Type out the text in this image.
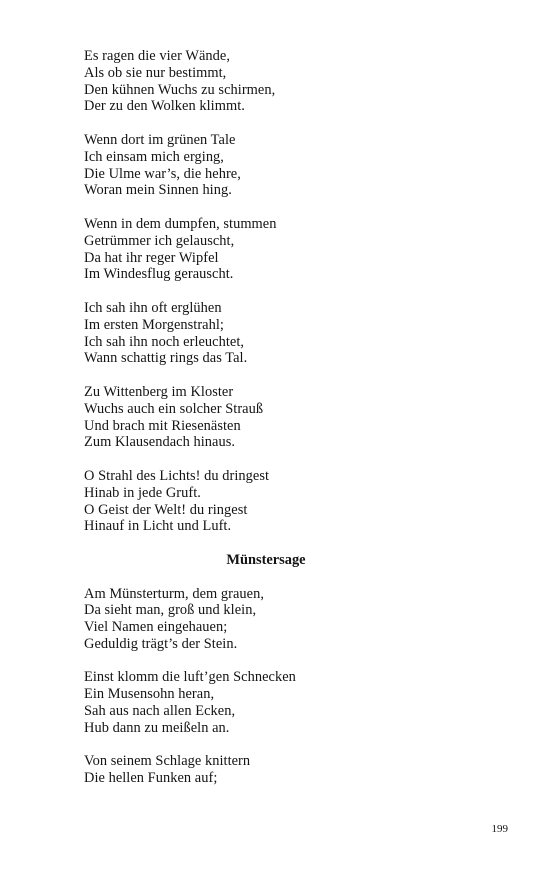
Es ragen die vier Wände,
Als ob sie nur bestimmt,
Den kühnen Wuchs zu schirmen,
Der zu den Wolken klimmt.
Wenn dort im grünen Tale
Ich einsam mich erging,
Die Ulme war’s, die hehre,
Woran mein Sinnen hing.
Wenn in dem dumpfen, stummen
Getrümmer ich gelauscht,
Da hat ihr reger Wipfel
Im Windesflug gerauscht.
Ich sah ihn oft erglühen
Im ersten Morgenstrahl;
Ich sah ihn noch erleuchtet,
Wann schattig rings das Tal.
Zu Wittenberg im Kloster
Wuchs auch ein solcher Strauß
Und brach mit Riesenästen
Zum Klausendach hinaus.
O Strahl des Lichts! du dringest
Hinab in jede Gruft.
O Geist der Welt! du ringest
Hinauf in Licht und Luft.
Münstersage
Am Münsterturm, dem grauen,
Da sieht man, groß und klein,
Viel Namen eingehauen;
Geduldig trägt’s der Stein.
Einst klomm die luft’gen Schnecken
Ein Musensohn heran,
Sah aus nach allen Ecken,
Hub dann zu meißeln an.
Von seinem Schlage knittern
Die hellen Funken auf;
199
